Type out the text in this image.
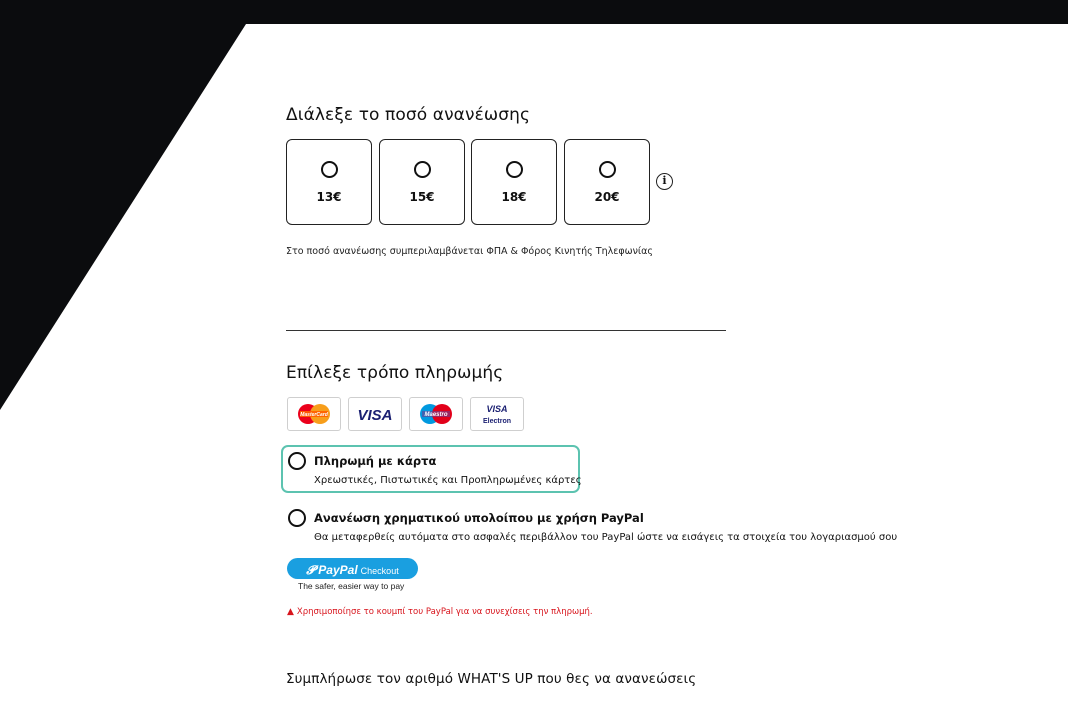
Διάλεξε το ποσό ανανέωσης
13€	15€	18€	20€
i
Στο ποσό ανανέωσης συμπεριλαμβάνεται ΦΠΑ & Φόρος Κινητής Τηλεφωνίας
Επίλεξε τρόπο πληρωμής
MasterCard VISA	Maestro
VISA
Electron
Πληρωμή με κάρτα
Χρεωστικές, Πιστωτικές και Προπληρωμένες κάρτες
Ανανέωση χρηματικού υπολοίπου με χρήση PayPal
Θα μεταφερθείς αυτόματα στο ασφαλές περιβάλλον του PayPal ώστε να εισάγεις τα στοιχεία του λογαριασμού σου
𝓟 PayPal Checkout
The safer, easier way to pay
▲ Χρησιμοποίησε το κουμπί του PayPal για να συνεχίσεις την πληρωμή.
Συμπλήρωσε τον αριθμό WHAT'S UP που θες να ανανεώσεις
